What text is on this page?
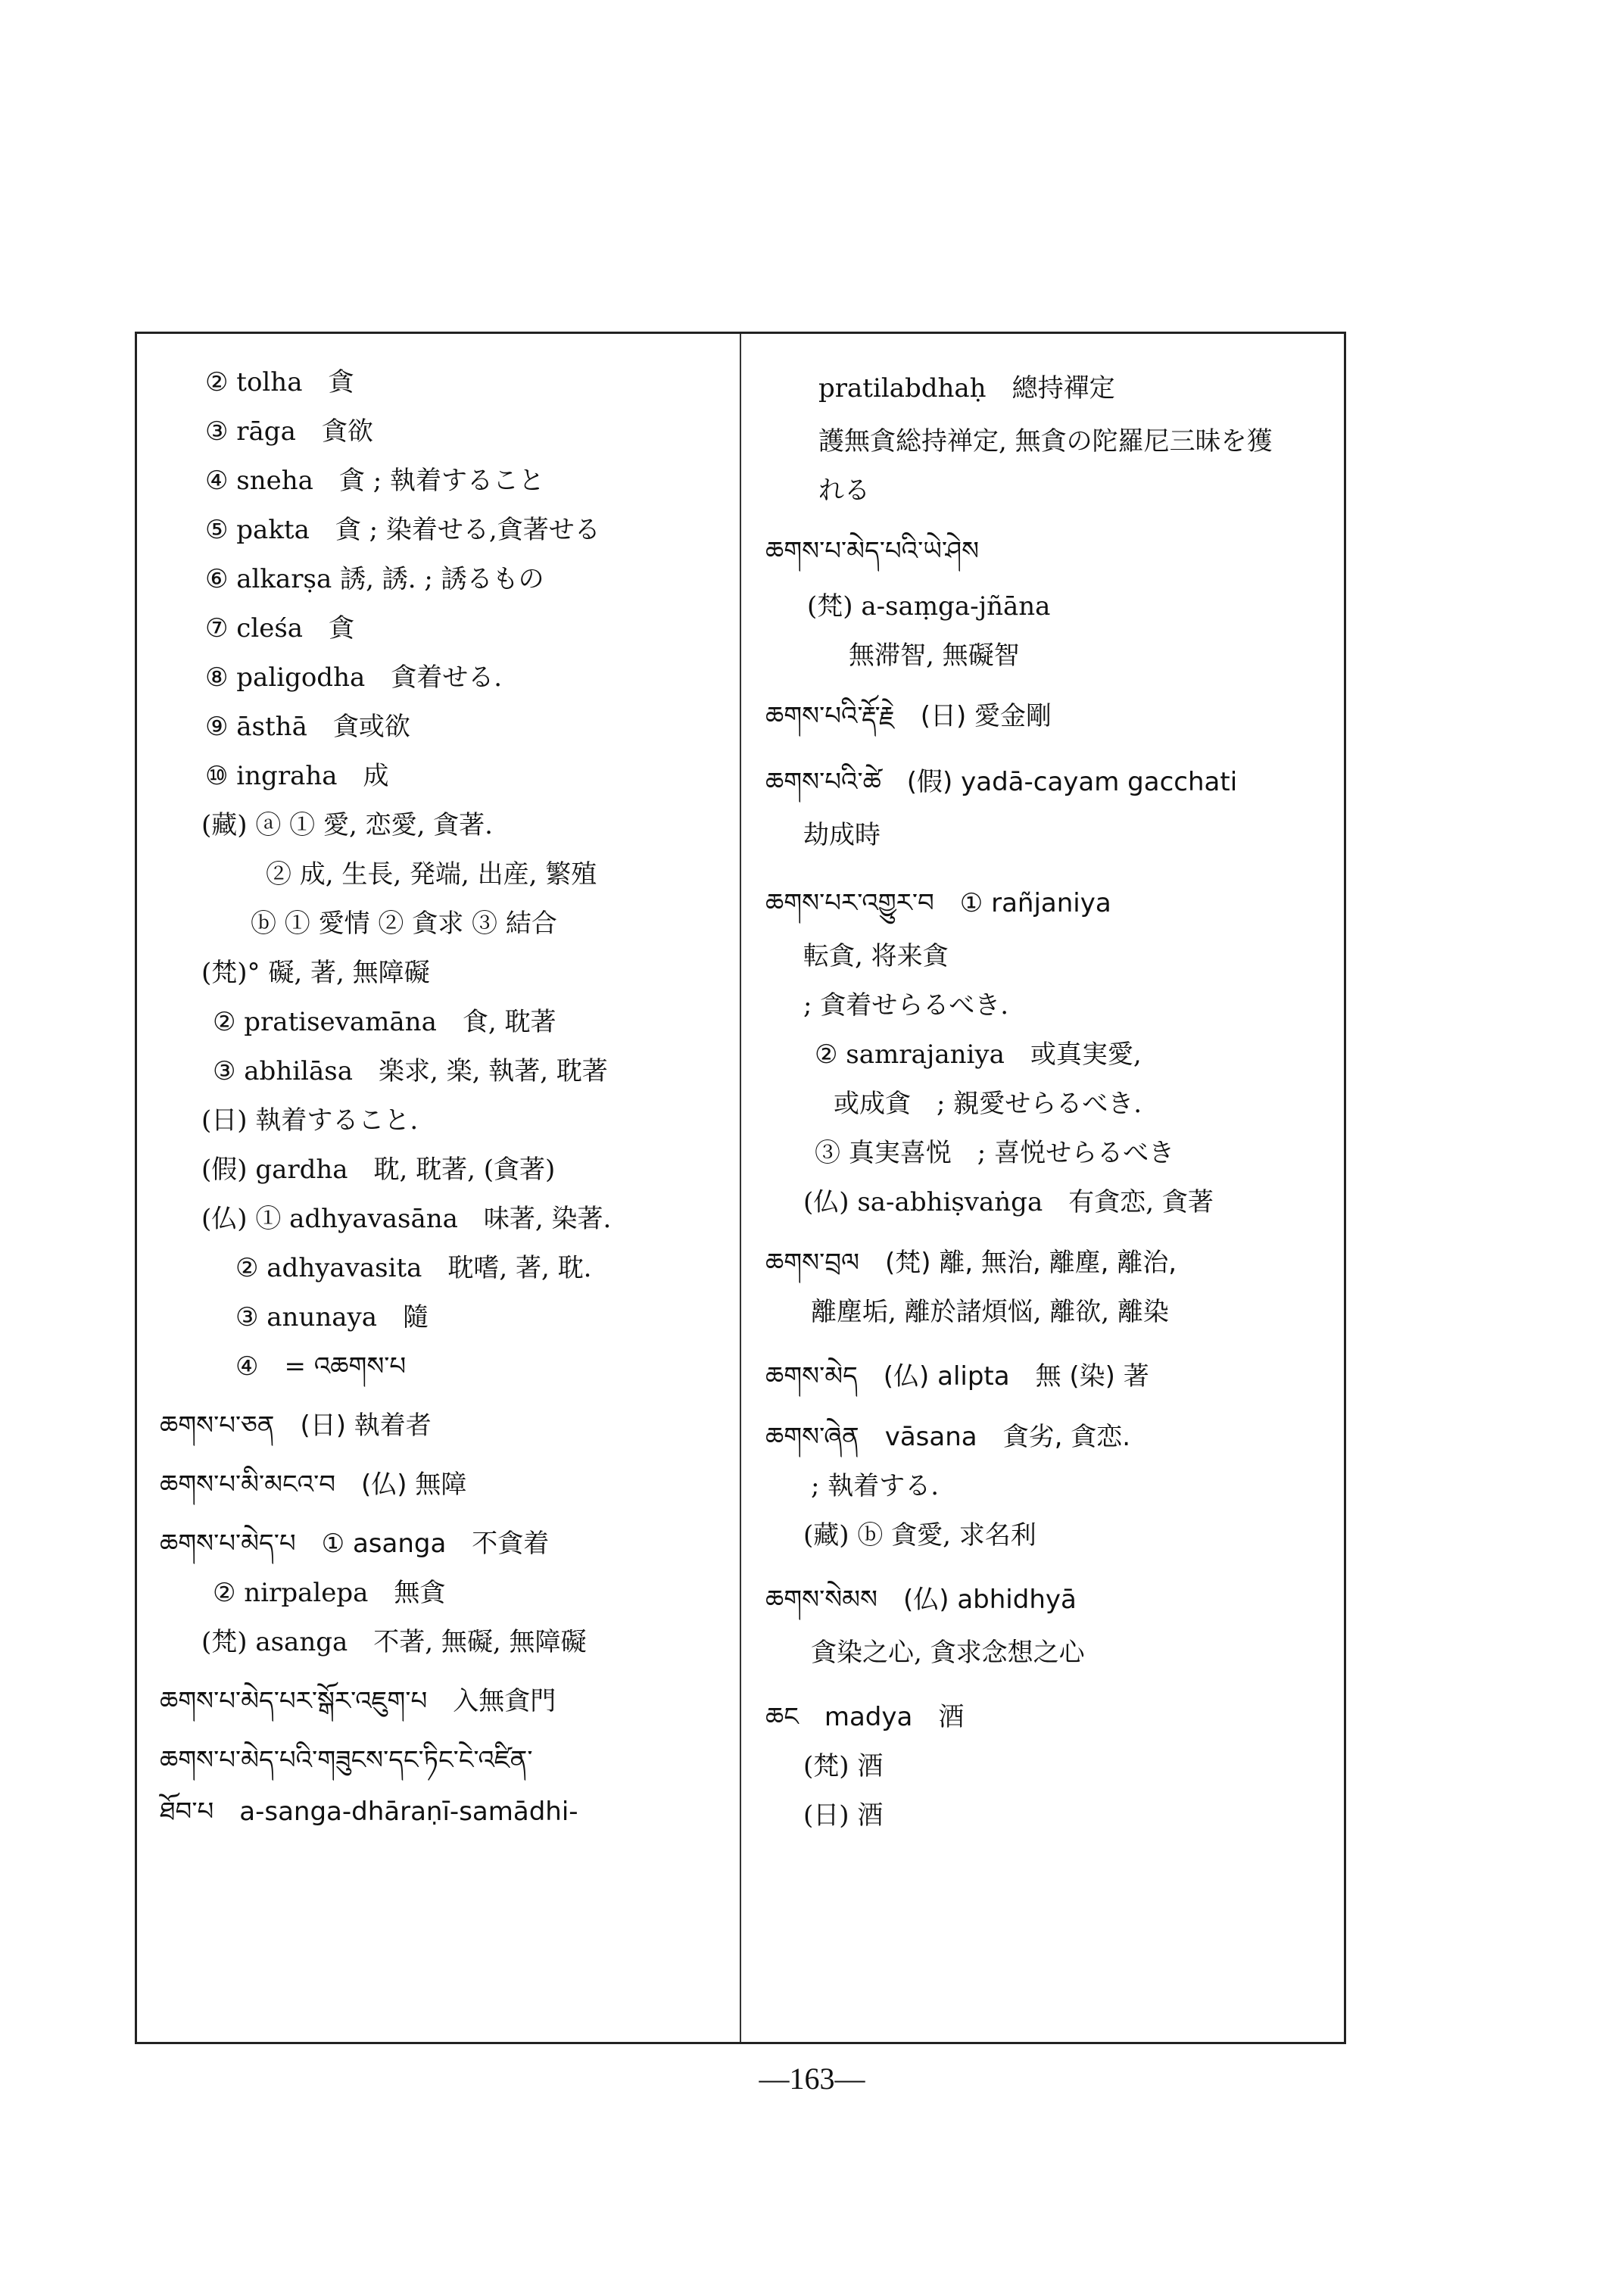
② tolha　貪
③ rāga　貪欲
④ sneha　貪 ; 執着すること
⑤ pakta　貪 ; 染着せる,貪著せる
⑥ alkarṣa 誘, 誘. ; 誘るもの
⑦ cleśa　貪
⑧ paligodha　貪着せる.
⑨ āsthā　貪或欲
⑩ ingraha　成
(藏) ⓐ ① 愛, 恋愛, 貪著.
② 成, 生長, 発端, 出産, 繁殖
ⓑ ① 愛情 ② 貪求 ③ 結合
(梵)° 礙, 著, 無障礙
② pratisevamāna　食, 耽著
③ abhilāsa　楽求, 楽, 執著, 耽著
(日) 執着すること.
(假) gardha　耽, 耽著, (貪著)
(仏) ① adhyavasāna　味著, 染著.
② adhyavasita　耽嗜, 著, 耽.
③ anunaya　隨
④　= འཆགས་པ
ཆགས་པ་ཅན　(日) 執着者
ཆགས་པ་མི་མངའ་བ　(仏) 無障
ཆགས་པ་མེད་པ　① asanga　不貪着
② nirpalepa　無貪
(梵) asanga　不著, 無礙, 無障礙
ཆགས་པ་མེད་པར་སྒོར་འཇུག་པ　入無貪門
ཆགས་པ་མེད་པའི་གཟུངས་དང་ཏིང་ངེ་འཛིན་
ཐོབ་པ　a-sanga-dhāraṇī-samādhi-
pratilabdhaḥ　總持禪定
護無貪総持禅定, 無貪の陀羅尼三昧を獲
れる
ཆགས་པ་མེད་པའི་ཡེ་ཤེས
(梵) a-saṃga-jñāna
無滞智, 無礙智
ཆགས་པའི་རྡོ་རྗེ　(日) 愛金剛
ཆགས་པའི་ཚེ　(假) yadā-cayam gacchati
劫成時
ཆགས་པར་འགྱུར་བ　① rañjaniya
転貪, 将来貪
; 貪着せらるべき.
② samrajaniya　或真実愛,
或成貪　; 親愛せらるべき.
③ 真実喜悦　; 喜悦せらるべき
(仏) sa-abhiṣvaṅga　有貪恋, 貪著
ཆགས་བྲལ　(梵) 離, 無治, 離塵, 離治,
離塵垢, 離於諸煩悩, 離欲, 離染
ཆགས་མེད　(仏) alipta　無 (染) 著
ཆགས་ཞེན　vāsana　貪劣, 貪恋.
; 執着する.
(藏) ⓑ 貪愛, 求名利
ཆགས་སེམས　(仏) abhidhyā
貪染之心, 貪求念想之心
ཆང　madya　酒
(梵) 酒
(日) 酒
—163—
